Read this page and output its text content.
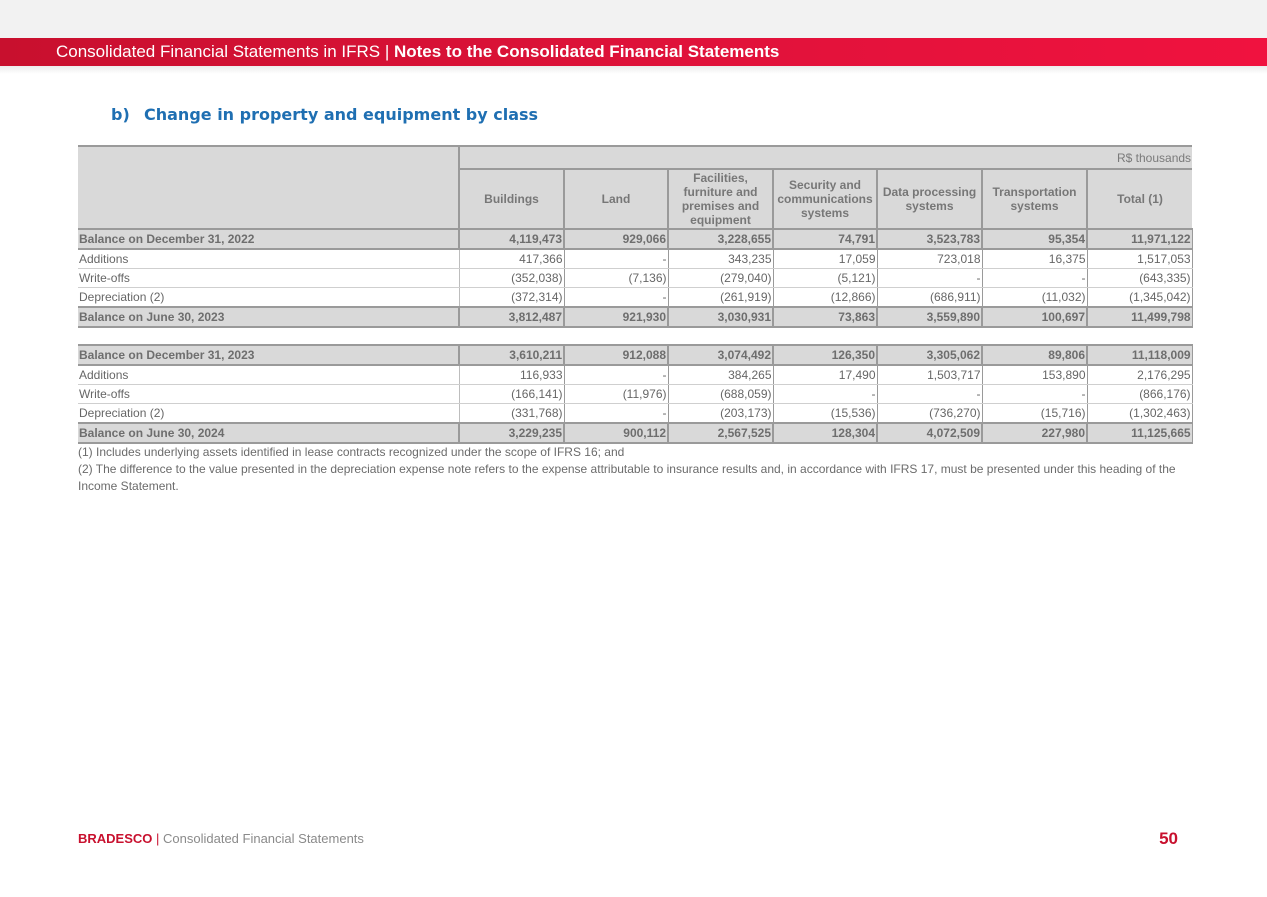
Consolidated Financial Statements in IFRS | Notes to the Consolidated Financial Statements
b) Change in property and equipment by class
	R$ thousands						
	Buildings	Land	Facilities, furniture and premises and equipment	Security and communications systems	Data processing systems	Transportation systems	Total (1)
Balance on December 31, 2022	4,119,473	929,066	3,228,655	74,791	3,523,783	95,354	11,971,122
Additions	417,366	-	343,235	17,059	723,018	16,375	1,517,053
Write-offs	(352,038)	(7,136)	(279,040)	(5,121)	-	-	(643,335)
Depreciation (2)	(372,314)	-	(261,919)	(12,866)	(686,911)	(11,032)	(1,345,042)
Balance on June 30, 2023	3,812,487	921,930	3,030,931	73,863	3,559,890	100,697	11,499,798

Balance on December 31, 2023	3,610,211	912,088	3,074,492	126,350	3,305,062	89,806	11,118,009
Additions	116,933	-	384,265	17,490	1,503,717	153,890	2,176,295
Write-offs	(166,141)	(11,976)	(688,059)	-	-	-	(866,176)
Depreciation (2)	(331,768)	-	(203,173)	(15,536)	(736,270)	(15,716)	(1,302,463)
Balance on June 30, 2024	3,229,235	900,112	2,567,525	128,304	4,072,509	227,980	11,125,665

(1) Includes underlying assets identified in lease contracts recognized under the scope of IFRS 16; and

(2) The difference to the value presented in the depreciation expense note refers to the expense attributable to insurance results and, in accordance with IFRS 17, must be presented under this heading of the Income Statement.

BRADESCO | Consolidated Financial Statements	50
